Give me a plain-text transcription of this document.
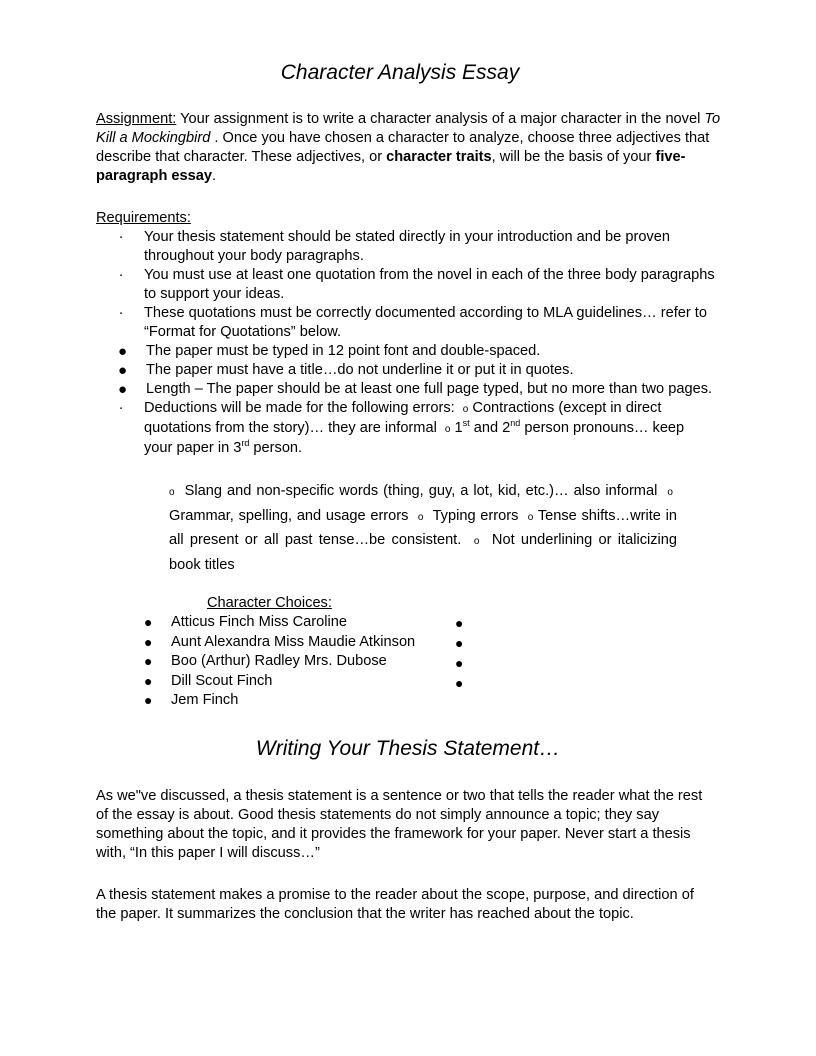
Character Analysis Essay
Assignment: Your assignment is to write a character analysis of a major character in the novel To Kill a Mockingbird . Once you have chosen a character to analyze, choose three adjectives that describe that character. These adjectives, or character traits, will be the basis of your five-paragraph essay.
Requirements:
· Your thesis statement should be stated directly in your introduction and be proven throughout your body paragraphs.
· You must use at least one quotation from the novel in each of the three body paragraphs to support your ideas.
· These quotations must be correctly documented according to MLA guidelines… refer to “Format for Quotations” below.
● The paper must be typed in 12 point font and double-spaced.
● The paper must have a title…do not underline it or put it in quotes.
● Length – The paper should be at least one full page typed, but no more than two pages.
· Deductions will be made for the following errors: o Contractions (except in direct quotations from the story)… they are informal o 1st and 2nd person pronouns… keep your paper in 3rd person.
o Slang and non-specific words (thing, guy, a lot, kid, etc.)… also informal o  Grammar, spelling, and usage errors o Typing errors o Tense shifts…write in all present or all past tense…be consistent. o Not underlining or italicizing book titles
Character Choices:
● Atticus Finch Miss Caroline
● Aunt Alexandra Miss Maudie Atkinson
● Boo (Arthur) Radley Mrs. Dubose
● Dill Scout Finch
● Jem Finch
●
●
●
●
Writing Your Thesis Statement…
As we"ve discussed, a thesis statement is a sentence or two that tells the reader what the rest of the essay is about. Good thesis statements do not simply announce a topic; they say something about the topic, and it provides the framework for your paper. Never start a thesis with, “In this paper I will discuss…”
A thesis statement makes a promise to the reader about the scope, purpose, and direction of the paper. It summarizes the conclusion that the writer has reached about the topic.
